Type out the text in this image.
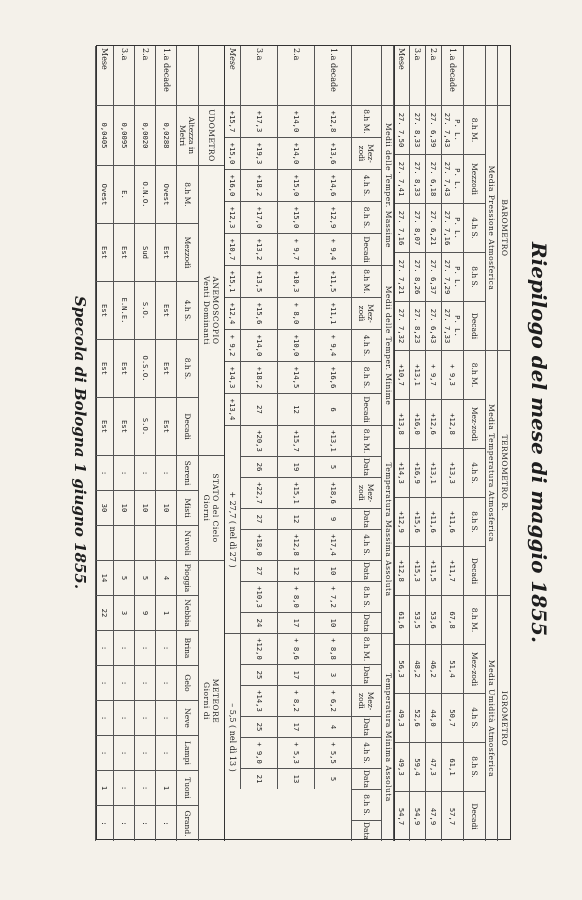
Riepilogo del mese di maggio 1855.
BAROMETRO
TERMOMETRO R.
IGROMETRO
Media Pressione Atmosferica
Media Temperatura Atmosferica
Media Umidità Atmosferica
8.h M.
Mezzodì
4.h S.
8.h S.
Decadi
8.h M.
Mez-zodì
4.h S.
8.h S.
Decadi
8.h M.
Mez-zodì
4.h S.
8.h S.
Decadi
1.a decade
P. L.
27. 7,43
P. L.
27. 7,43
P. L.
27. 7,16
P. L.
27. 7,29
P. L.
27. 7,33
+ 9,3
+12,8
+13,3
+11,6
+11,7
67,8
51,4
50,7
61,1
57,7
2.a
27. 6,39
27. 6,18
27. 6,21
27. 6,37
27. 6,43
+ 9,7
+12,6
+13,1
+11,6
+11,5
53,6
46,2
44,0
47,3
47,9
3.a
27. 8,33
27. 8,33
27. 8,07
27. 8,26
27. 8,23
+13,1
+16,0
+16,9
+15,6
+15,3
53,5
48,2
52,6
59,4
54,9
Mese
27. 7,50
27. 7,41
27. 7,16
27. 7,21
27. 7,32
+10,7
+13,8
+14,3
+12,9
+12,8
61,6
56,3
49,3
49,3
54,7
Medii delle Temper. Massime
Medii delle Temper. Minime
Temperatura Massima Assoluta
Temperatura Minima Assoluta
8.h M.
Mez-zodì
4.h S.
8.h S.
Decadi
8.h M.
Mez-zodì
4.h S.
8.h S.
Decadi
8.h M.
Data
Mez-zodì
Data
4.h S.
Data
8.h S.
Data
8.h M.
Data
Mez-zodì
Data
4.h S.
Data
8.h S.
Data
1.a decade
+12,8
+13,6
+14,6
+12,9
+ 9,4
+11,5
+11,1
+ 9,4
+16,6
6
+13,1
5
+18,6
9
+17,4
10
+ 7,2
10
+ 8,8
3
+ 6,2
4
+ 5,5
5
2.a
+14,0
+14,0
+15,0
+15,0
+ 9,7
+10,3
+ 8,0
+10,0
+14,5
12
+15,7
19
+15,1
12
+12,8
12
+ 8,0
17
+ 8,6
17
+ 8,2
17
+ 5,3
13
3.a
+17,3
+19,3
+18,2
+17,0
+13,2
+13,5
+15,6
+14,0
+18,2
27
+20,3
26
+22,7
27
+18,0
27
+10,3
24
+12,0
25
+14,3
25
+ 9,0
21
Mese
+15,7
+15,0
+16,0
+12,3
+10,7
+15,1
+12,4
+ 9,2
+14,3
+13,4
+ 27,7 ( nel dì 27 )
– 5,5 ( nel dì 13 )
UDOMETRO
ANEMOSCOPIO
Venti Dominanti
STATO del Cielo
Giorni
METEORE
Giorni di
Altezza in Metri
8.h M.
Mezzodì
4.h S.
8.h S.
Decadi
Sereni
Misti
Nuvoli
Pioggia
Nebbia
Brina
Gelo
Neve
Lampi
Tuoni
Grand.
1.a decade
0,0288
Ovest
Est
Est
Est
Est
:
10
4
1
:
:
:
:
1
:
2.a
0,0020
O.N.O.
Sud
S.O.
O.S.O.
S.O.
:
10
5
9
:
:
:
:
:
:
3.a
0,0095
E.
Est
E.N.E.
Est
Est
:
10
5
3
:
:
:
:
:
:
Mese
0,0405
Ovest
Est
Est
Est
Est
:
30
14
22
:
:
:
:
1
:
Specola di Bologna 1 giugno 1855.
